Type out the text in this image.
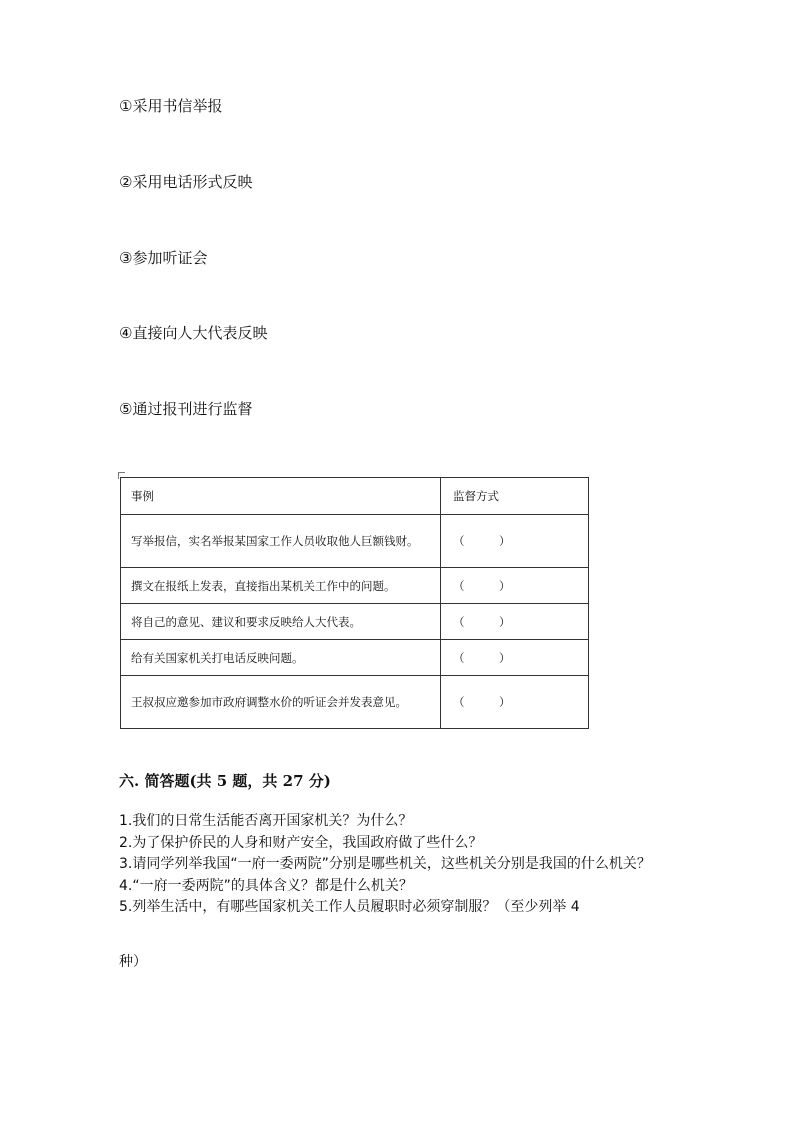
①采用书信举报
②采用电话形式反映
③参加听证会
④直接向人大代表反映
⑤通过报刊进行监督
事例	监督方式
写举报信，实名举报某国家工作人员收取他人巨额钱财。	（　　　）
撰文在报纸上发表，直接指出某机关工作中的问题。	（　　　）
将自己的意见、建议和要求反映给人大代表。	（　　　）
给有关国家机关打电话反映问题。	（　　　）
王叔叔应邀参加市政府调整水价的听证会并发表意见。	（　　　）
六. 简答题(共 5 题，共 27 分)

1.我们的日常生活能否离开国家机关？为什么？

2.为了保护侨民的人身和财产安全，我国政府做了些什么？

3.请同学列举我国“一府一委两院”分别是哪些机关，这些机关分别是我国的什么机关？

4.“一府一委两院”的具体含义？都是什么机关？

5.列举生活中，有哪些国家机关工作人员履职时必须穿制服？（至少列举 4

种）
